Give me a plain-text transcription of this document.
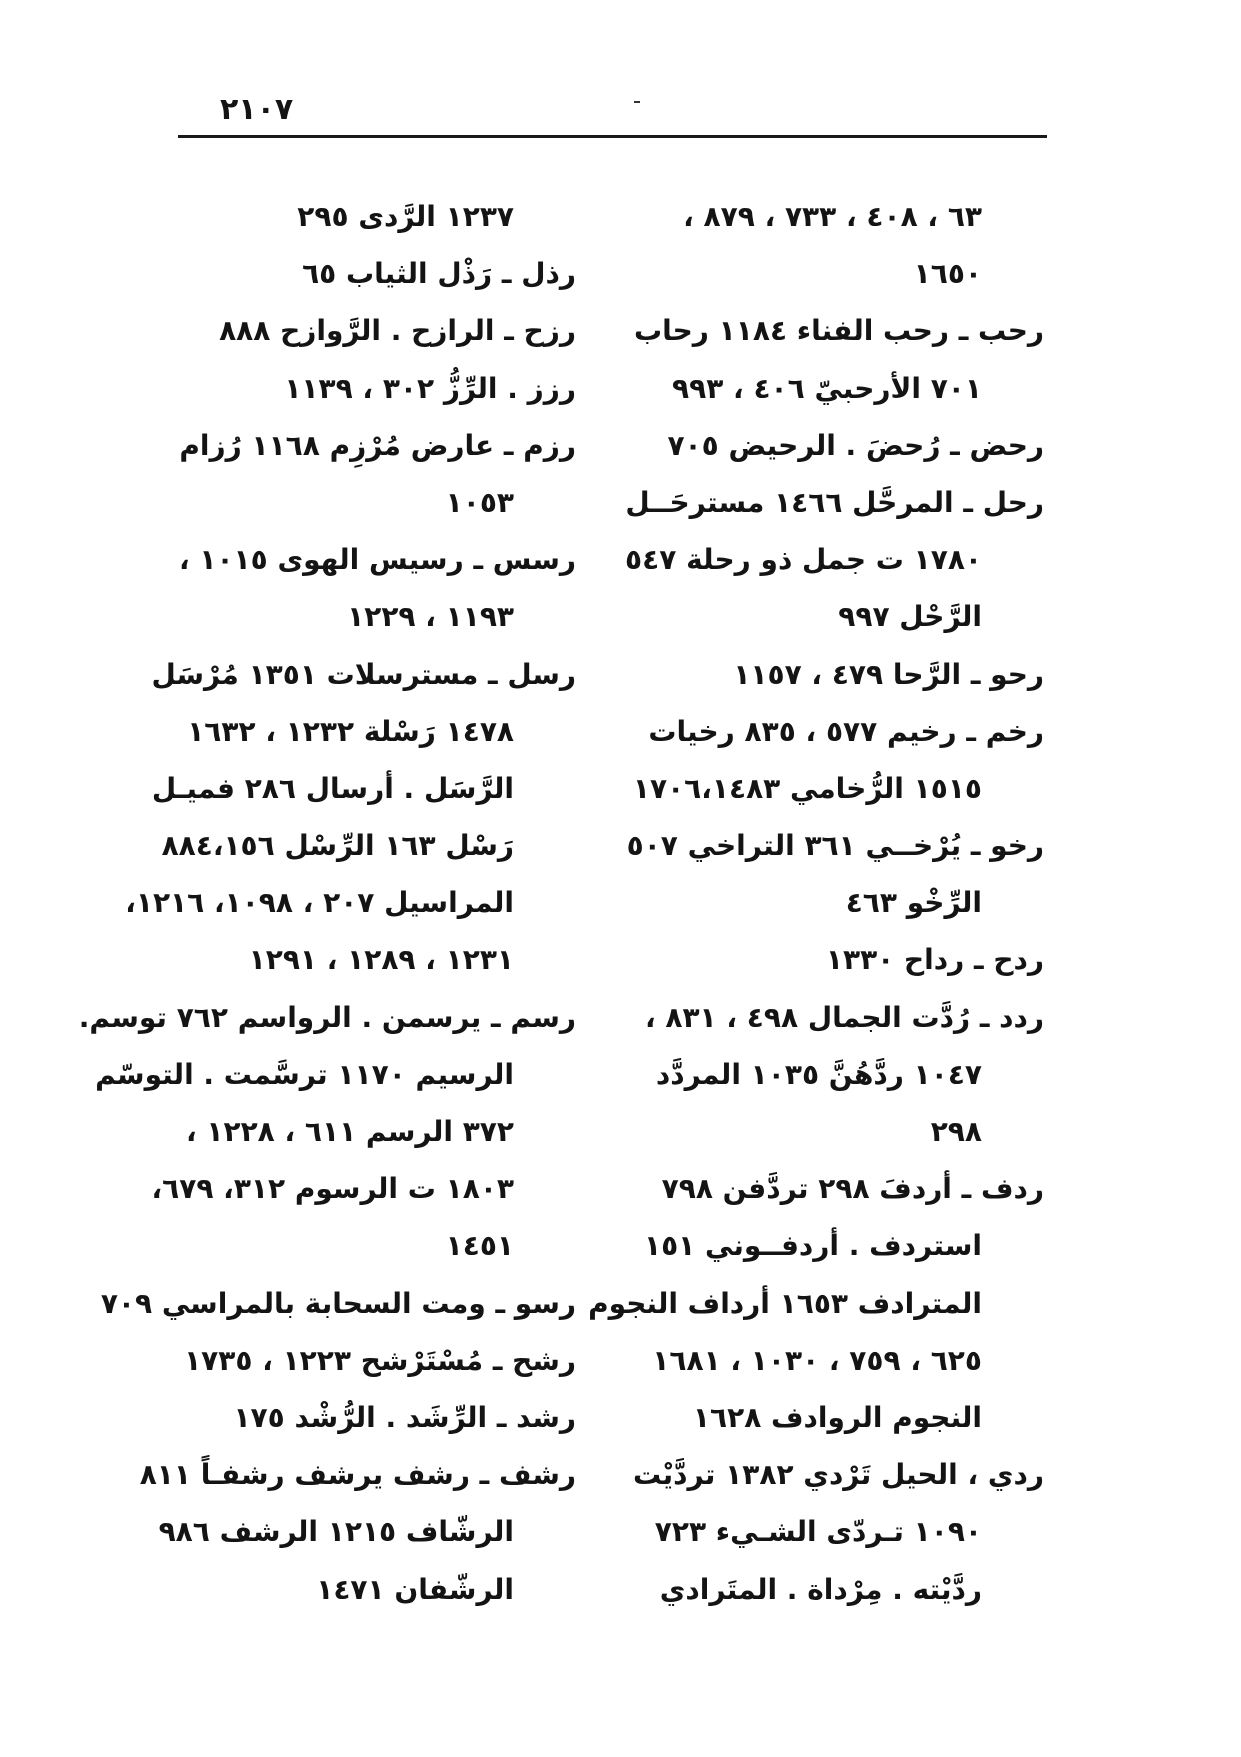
٢١٠٧
٦٣ ، ٤٠٨ ، ٧٣٣ ، ٨٧٩ ،
١٦٥٠
رحب ـ رحب الفناء ١١٨٤ رحاب
٧٠١ الأرحبيّ ٤٠٦ ، ٩٩٣
رحض ـ رُحضَ . الرحيض ٧٠٥
رحل ـ المرحَّل ١٤٦٦ مسترحَــل
١٧٨٠ ت جمل ذو رحلة ٥٤٧
الرَّحْل ٩٩٧
رحو ـ الرَّحا ٤٧٩ ، ١١٥٧
رخم ـ رخيم ٥٧٧ ، ٨٣٥ رخيات
١٥١٥ الرُّخامي ١٧٠٦،١٤٨٣
رخو ـ يُرْخــي ٣٦١ التراخي ٥٠٧
الرِّخْو ٤٦٣
ردح ـ رداح ١٣٣٠
ردد ـ رُدَّت الجمال ٤٩٨ ، ٨٣١ ،
١٠٤٧ ردَّهُنَّ ١٠٣٥ المردَّد
٢٩٨
ردف ـ أردفَ ٢٩٨ تردَّفن ٧٩٨
استردف . أردفــوني ١٥١
المترادف ١٦٥٣ أرداف النجوم
٦٢٥ ، ٧٥٩ ، ١٠٣٠ ، ١٦٨١
النجوم الروادف ١٦٢٨
ردي ، الحيل تَرْدي ١٣٨٢ تردَّيْت
١٠٩٠ تـردّى الشـيء ٧٢٣
ردَّيْته . مِرْداة . المتَرادي
١٢٣٧ الرَّدى ٢٩٥
رذل ـ رَذْل الثياب ٦٥
رزح ـ الرازح . الرَّوازح ٨٨٨
رزز . الرِّزُّ ٣٠٢ ، ١١٣٩
رزم ـ عارض مُرْزِم ١١٦٨ رُزام
١٠٥٣
رسس ـ رسيس الهوى ١٠١٥ ،
١١٩٣ ، ١٢٢٩
رسل ـ مسترسلات ١٣٥١ مُرْسَل
١٤٧٨ رَسْلة ١٢٣٢ ، ١٦٣٢
الرَّسَل . أرسال ٢٨٦ فميـل
رَسْل ١٦٣ الرِّسْل ٨٨٤،١٥٦
المراسيل ٢٠٧ ، ١٠٩٨، ١٢١٦،
١٢٣١ ، ١٢٨٩ ، ١٢٩١
رسم ـ يرسمن . الرواسم ٧٦٢ توسم.
الرسيم ١١٧٠ ترسَّمت . التوسّم
٣٧٢ الرسم ٦١١ ، ١٢٢٨ ،
١٨٠٣ ت الرسوم ٣١٢، ٦٧٩،
١٤٥١
رسو ـ ومت السحابة بالمراسي ٧٠٩
رشح ـ مُسْتَرْشح ١٢٢٣ ، ١٧٣٥
رشد ـ الرِّشَد . الرُّشْد ١٧٥
رشف ـ رشف يرشف رشفـاً ٨١١
الرشّاف ١٢١٥ الرشف ٩٨٦
الرشّفان ١٤٧١
